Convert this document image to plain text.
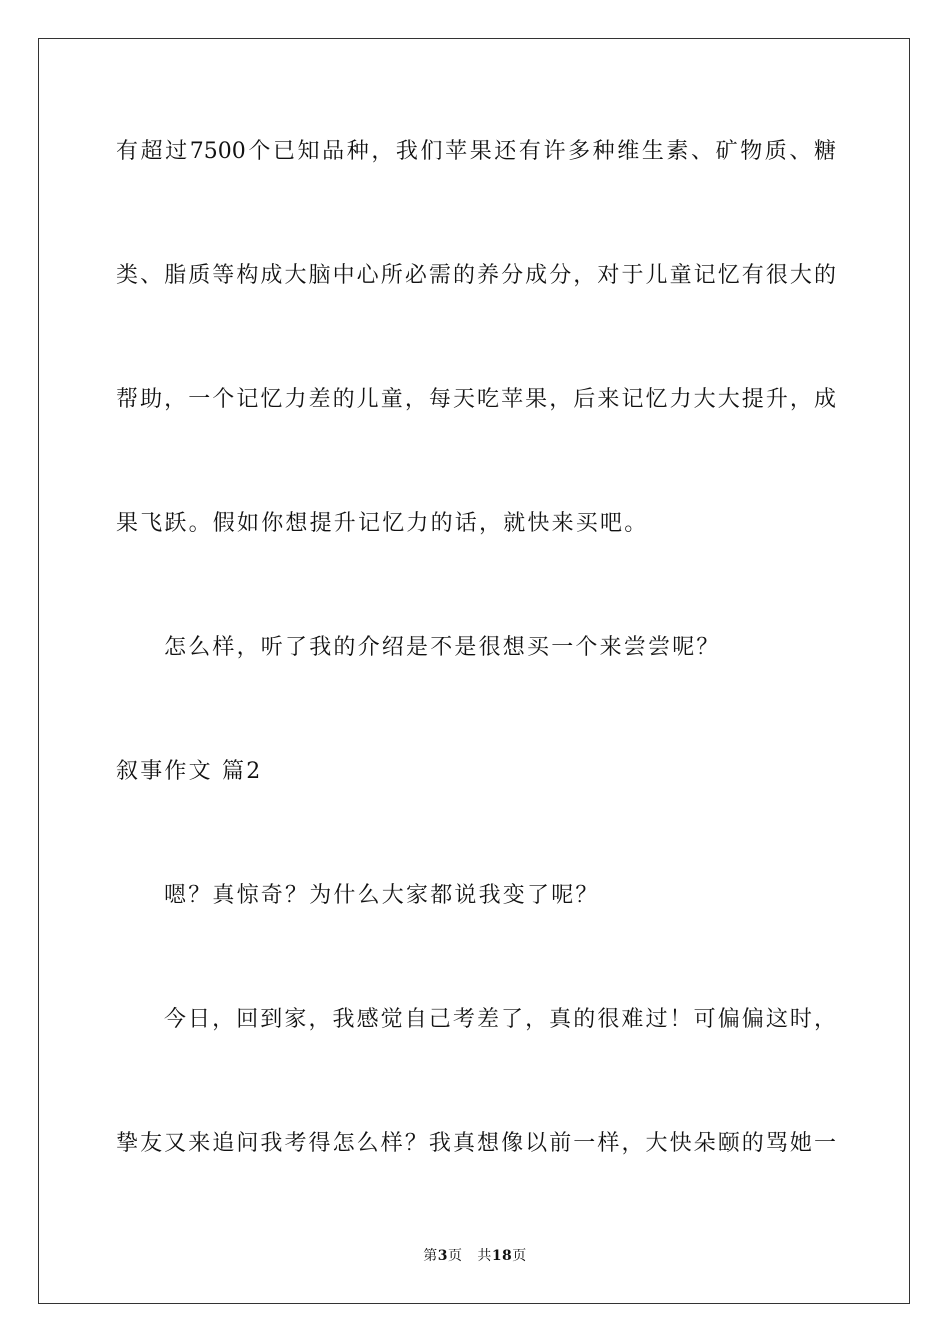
有超过7500个已知品种，我们苹果还有许多种维生素、矿物质、糖
类、脂质等构成大脑中心所必需的养分成分，对于儿童记忆有很大的
帮助，一个记忆力差的儿童，每天吃苹果，后来记忆力大大提升，成
果飞跃。假如你想提升记忆力的话，就快来买吧。
怎么样，听了我的介绍是不是很想买一个来尝尝呢？
叙事作文 篇2
嗯？真惊奇？为什么大家都说我变了呢？
今日，回到家，我感觉自己考差了，真的很难过！可偏偏这时，
挚友又来追问我考得怎么样？我真想像以前一样，大快朵颐的骂她一
第3页 共18页
